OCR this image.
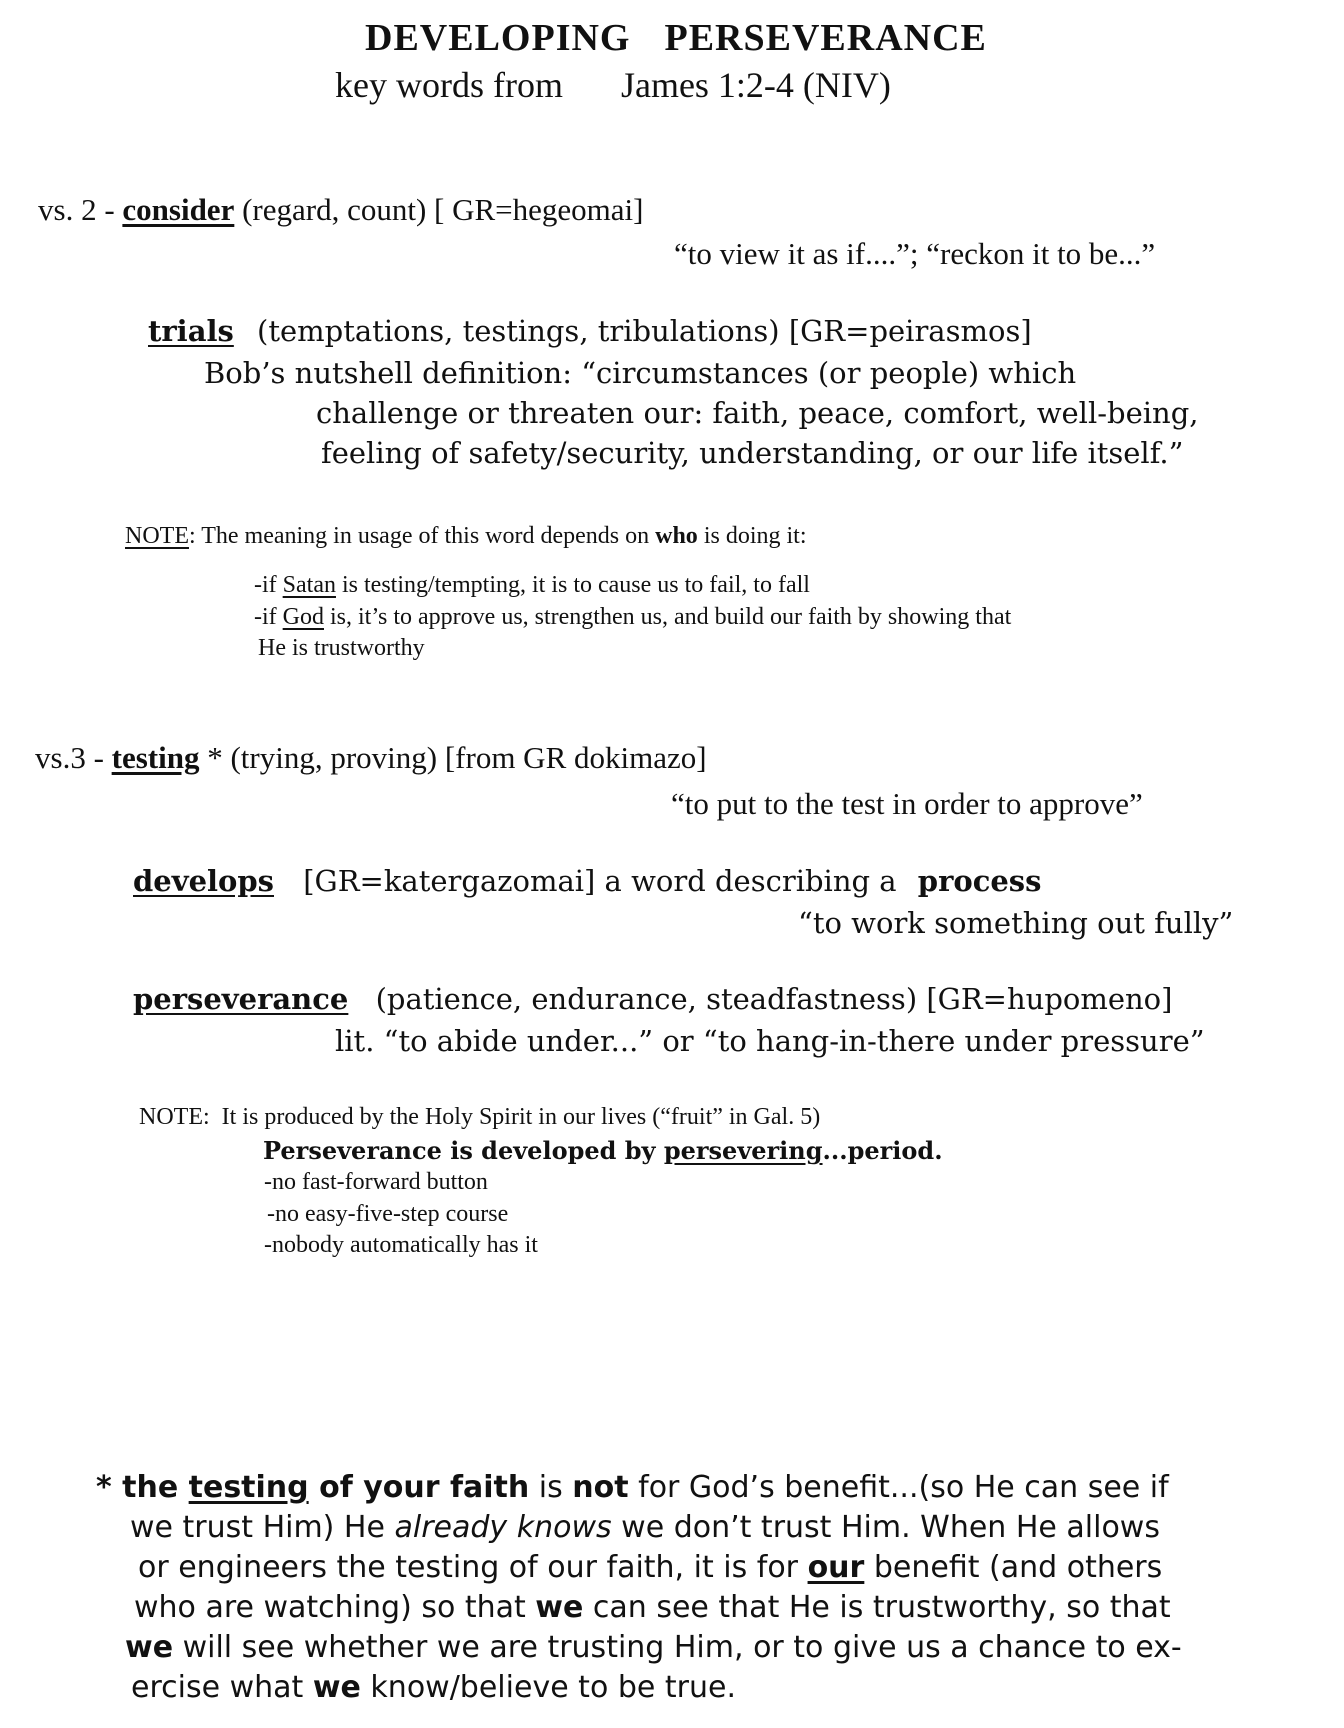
DEVELOPING PERSEVERANCE
key words from James 1:2-4 (NIV)
vs. 2 - consider (regard, count) [ GR=hegeomai]
“to view it as if....”; “reckon it to be...”
trials (temptations, testings, tribulations) [GR=peirasmos]
Bob’s nutshell definition: “circumstances (or people) which
challenge or threaten our: faith, peace, comfort, well-being,
feeling of safety/security, understanding, or our life itself.”
NOTE: The meaning in usage of this word depends on who is doing it:
-if Satan is testing/tempting, it is to cause us to fail, to fall
-if God is, it’s to approve us, strengthen us, and build our faith by showing that
He is trustworthy
vs.3 - testing * (trying, proving) [from GR dokimazo]
“to put to the test in order to approve”
develops [GR=katergazomai] a word describing a process
“to work something out fully”
perseverance (patience, endurance, steadfastness) [GR=hupomeno]
lit. “to abide under...” or “to hang-in-there under pressure”
NOTE: It is produced by the Holy Spirit in our lives (“fruit” in Gal. 5)
Perseverance is developed by persevering...period.
-no fast-forward button
-no easy-five-step course
-nobody automatically has it
* the testing of your faith is not for God’s benefit...(so He can see if
we trust Him) He already knows we don’t trust Him. When He allows
or engineers the testing of our faith, it is for our benefit (and others
who are watching) so that we can see that He is trustworthy, so that
we will see whether we are trusting Him, or to give us a chance to ex-
ercise what we know/believe to be true.
